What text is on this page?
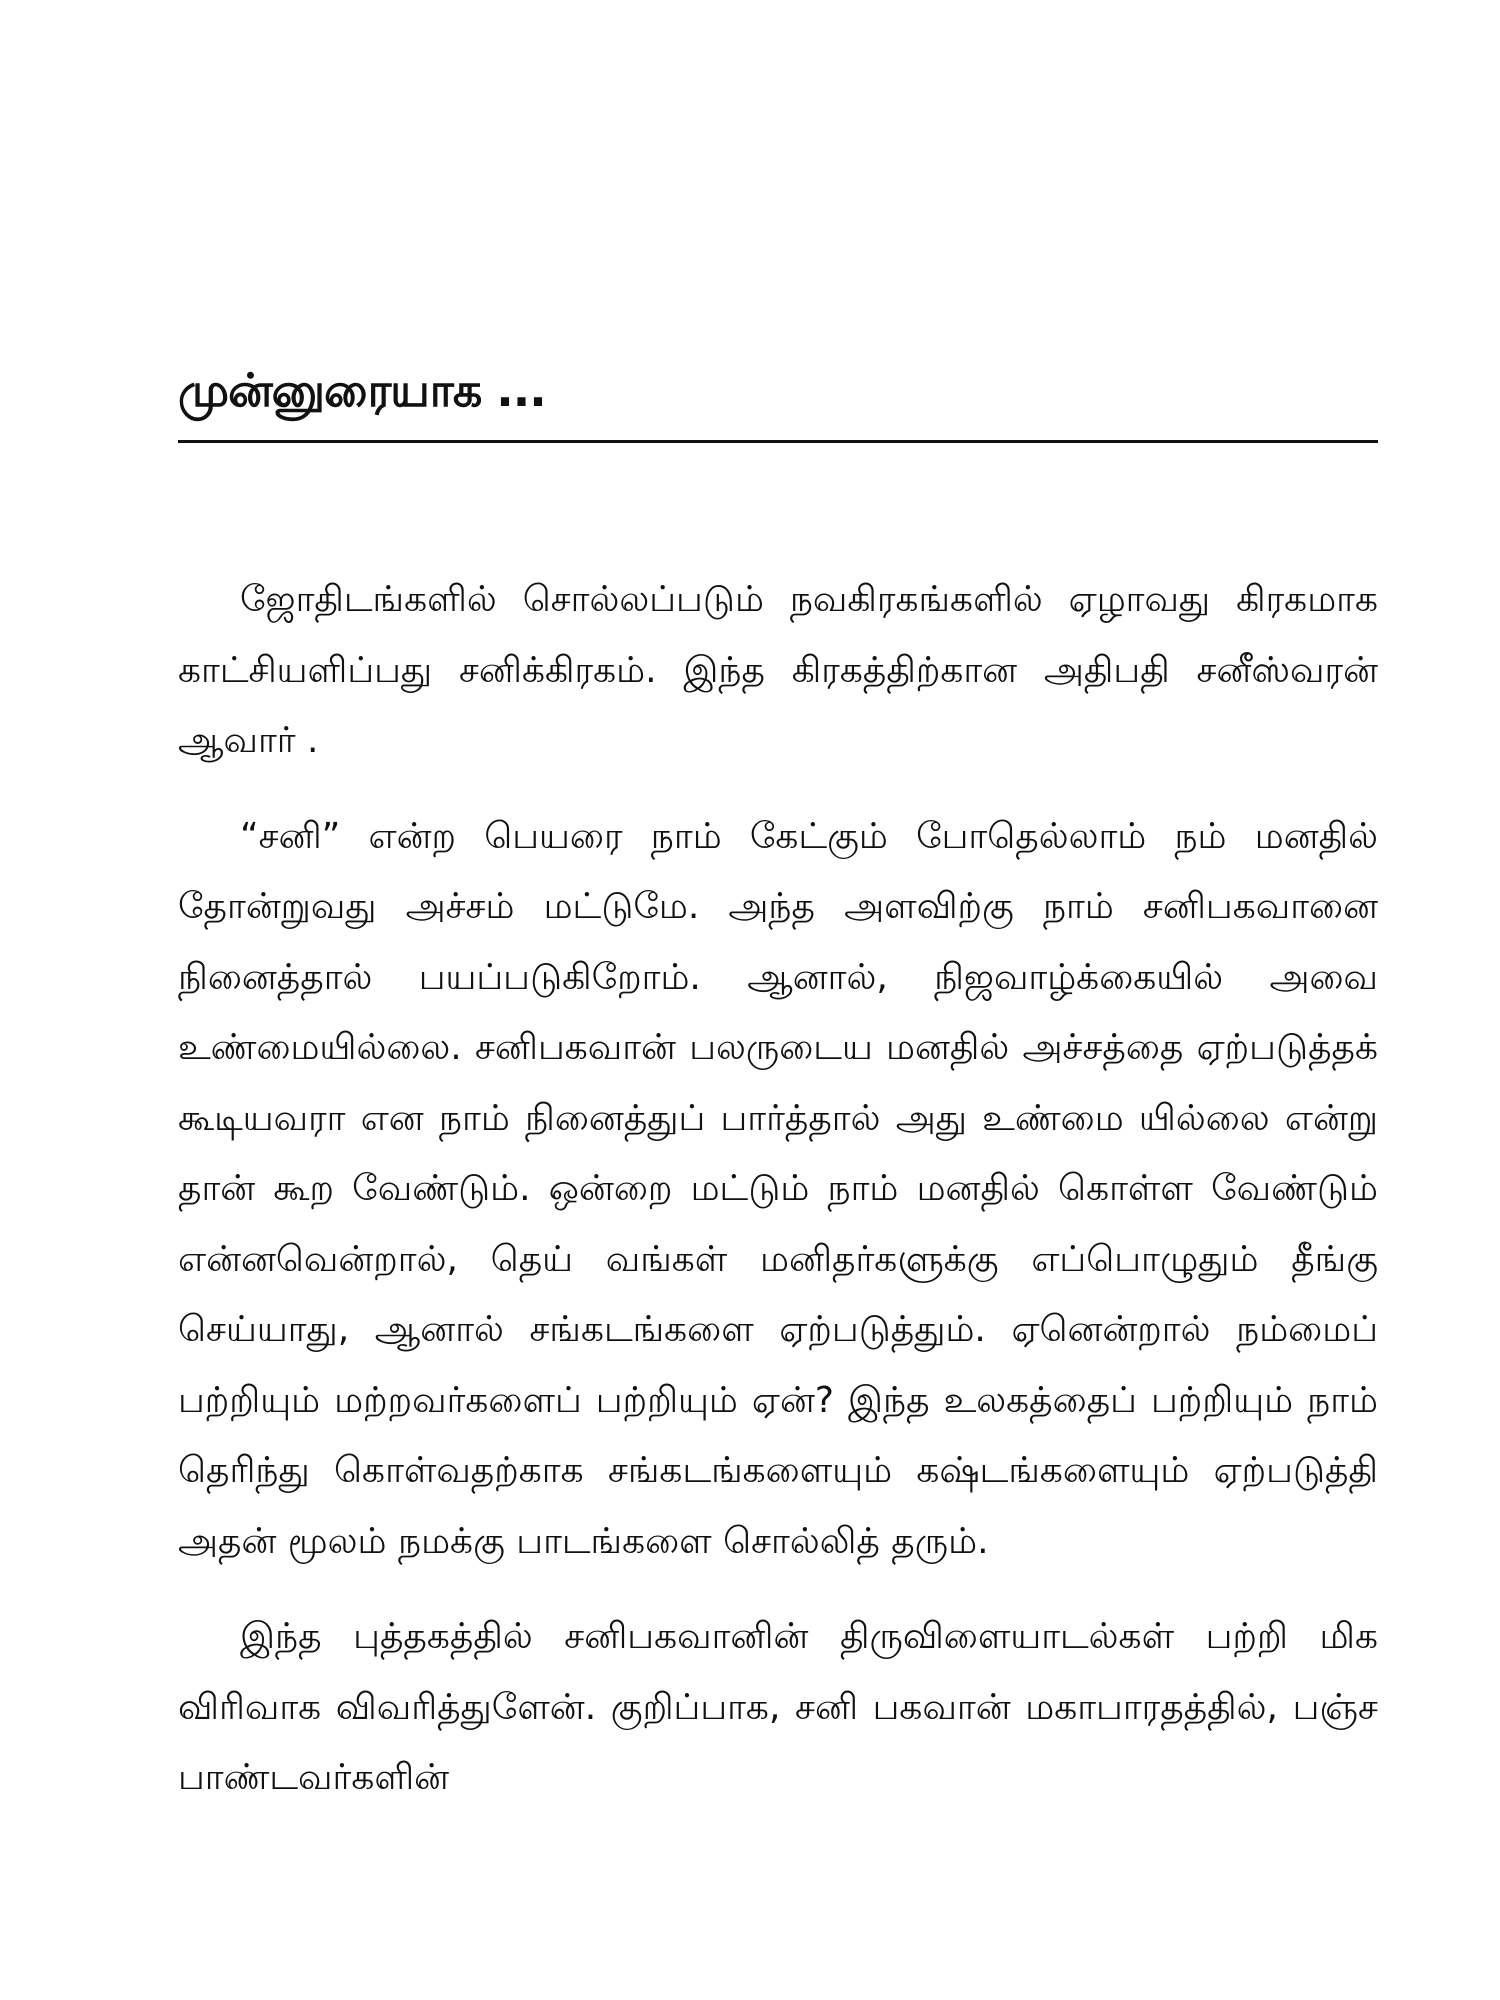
முன்னுரையாக ...

ஜோதிடங்களில் சொல்லப்படும் நவகிரகங்களில் ஏழாவது கிரகமாக காட்சியளிப்பது சனிக்கிரகம். இந்த கிரகத்திற்கான அதிபதி சனீஸ்வரன் ஆவார் .

“சனி” என்ற பெயரை நாம் கேட்கும் போதெல்லாம் நம் மனதில் தோன்றுவது அச்சம் மட்டுமே. அந்த அளவிற்கு நாம் சனிபகவானை நினைத்தால் பயப்படுகிறோம். ஆனால், நிஜவாழ்க்கையில் அவை உண்மையில்லை. சனிபகவான் பலருடைய மனதில் அச்சத்தை ஏற்படுத்தக் கூடியவரா என நாம் நினைத்துப் பார்த்தால் அது உண்மை யில்லை என்று தான் கூற வேண்டும். ஒன்றை மட்டும் நாம் மனதில் கொள்ள வேண்டும் என்னவென்றால், தெய் வங்கள் மனிதர்களுக்கு எப்பொழுதும் தீங்கு செய்யாது, ஆனால் சங்கடங்களை ஏற்படுத்தும். ஏனென்றால் நம்மைப் பற்றியும் மற்றவர்களைப் பற்றியும் ஏன்? இந்த உலகத்தைப் பற்றியும் நாம் தெரிந்து கொள்வதற்காக சங்கடங்களையும் கஷ்டங்களையும் ஏற்படுத்தி அதன் மூலம் நமக்கு பாடங்களை சொல்லித் தரும்.

இந்த புத்தகத்தில் சனிபகவானின் திருவிளையாடல்கள் பற்றி மிக விரிவாக விவரித்துளேன். குறிப்பாக, சனி பகவான் மகாபாரதத்தில், பஞ்ச பாண்டவர்களின்
